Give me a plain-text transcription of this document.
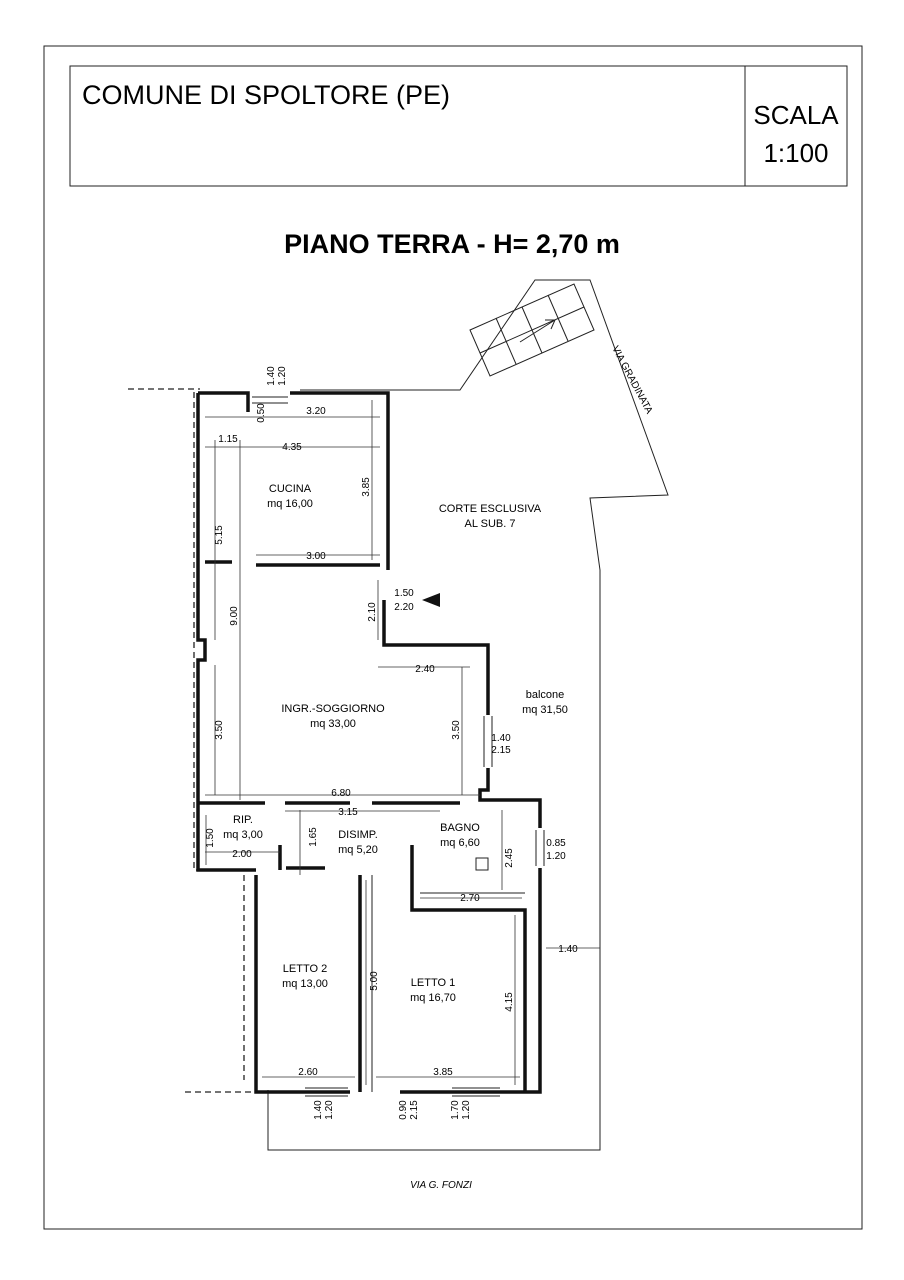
COMUNE DI SPOLTORE (PE)
SCALA
1:100
PIANO TERRA - H= 2,70 m
VIA GRADINATA
CUCINA
mq 16,00	CORTE ESCLUSIVA
AL SUB. 7
INGR.-SOGGIORNO
mq 33,00
balcone
mq 31,50
RIP.
mq 3,00	DISIMP.
mq 5,20
BAGNO
mq 6,60
LETTO 2
mq 13,00	LETTO 1
mq 16,70
1.40 1.20
0.50	3.20
1.15
4.35
3.85
5.15
3.00
9.00
1.50
2.20
2.10
2.40
3.50	3.50	1.40
2.15
6.80
3.15
1.50
2.00
1.65
2.45
0.85
1.20
2.70
1.40
5.00
4.15
2.60	3.85
1.40 1.20	0.90 2.15	1.70 1.20
VIA G. FONZI
